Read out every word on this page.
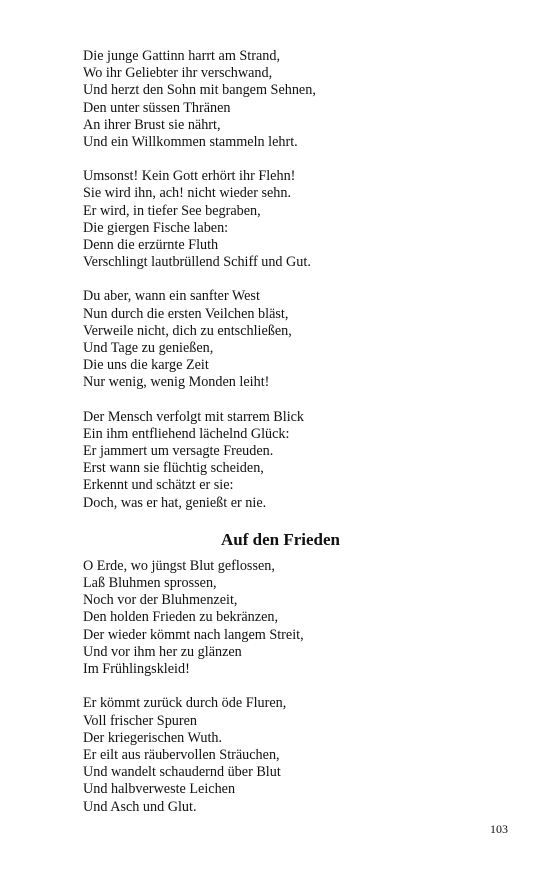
Die junge Gattinn harrt am Strand,
Wo ihr Geliebter ihr verschwand,
Und herzt den Sohn mit bangem Sehnen,
Den unter süssen Thränen
An ihrer Brust sie nährt,
Und ein Willkommen stammeln lehrt.
Umsonst! Kein Gott erhört ihr Flehn!
Sie wird ihn, ach! nicht wieder sehn.
Er wird, in tiefer See begraben,
Die giergen Fische laben:
Denn die erzürnte Fluth
Verschlingt lautbrüllend Schiff und Gut.
Du aber, wann ein sanfter West
Nun durch die ersten Veilchen bläst,
Verweile nicht, dich zu entschließen,
Und Tage zu genießen,
Die uns die karge Zeit
Nur wenig, wenig Monden leiht!
Der Mensch verfolgt mit starrem Blick
Ein ihm entfliehend lächelnd Glück:
Er jammert um versagte Freuden.
Erst wann sie flüchtig scheiden,
Erkennt und schätzt er sie:
Doch, was er hat, genießt er nie.
Auf den Frieden
O Erde, wo jüngst Blut geflossen,
Laß Bluhmen sprossen,
Noch vor der Bluhmenzeit,
Den holden Frieden zu bekränzen,
Der wieder kömmt nach langem Streit,
Und vor ihm her zu glänzen
Im Frühlingskleid!
Er kömmt zurück durch öde Fluren,
Voll frischer Spuren
Der kriegerischen Wuth.
Er eilt aus räubervollen Sträuchen,
Und wandelt schaudernd über Blut
Und halbverweste Leichen
Und Asch und Glut.
103
